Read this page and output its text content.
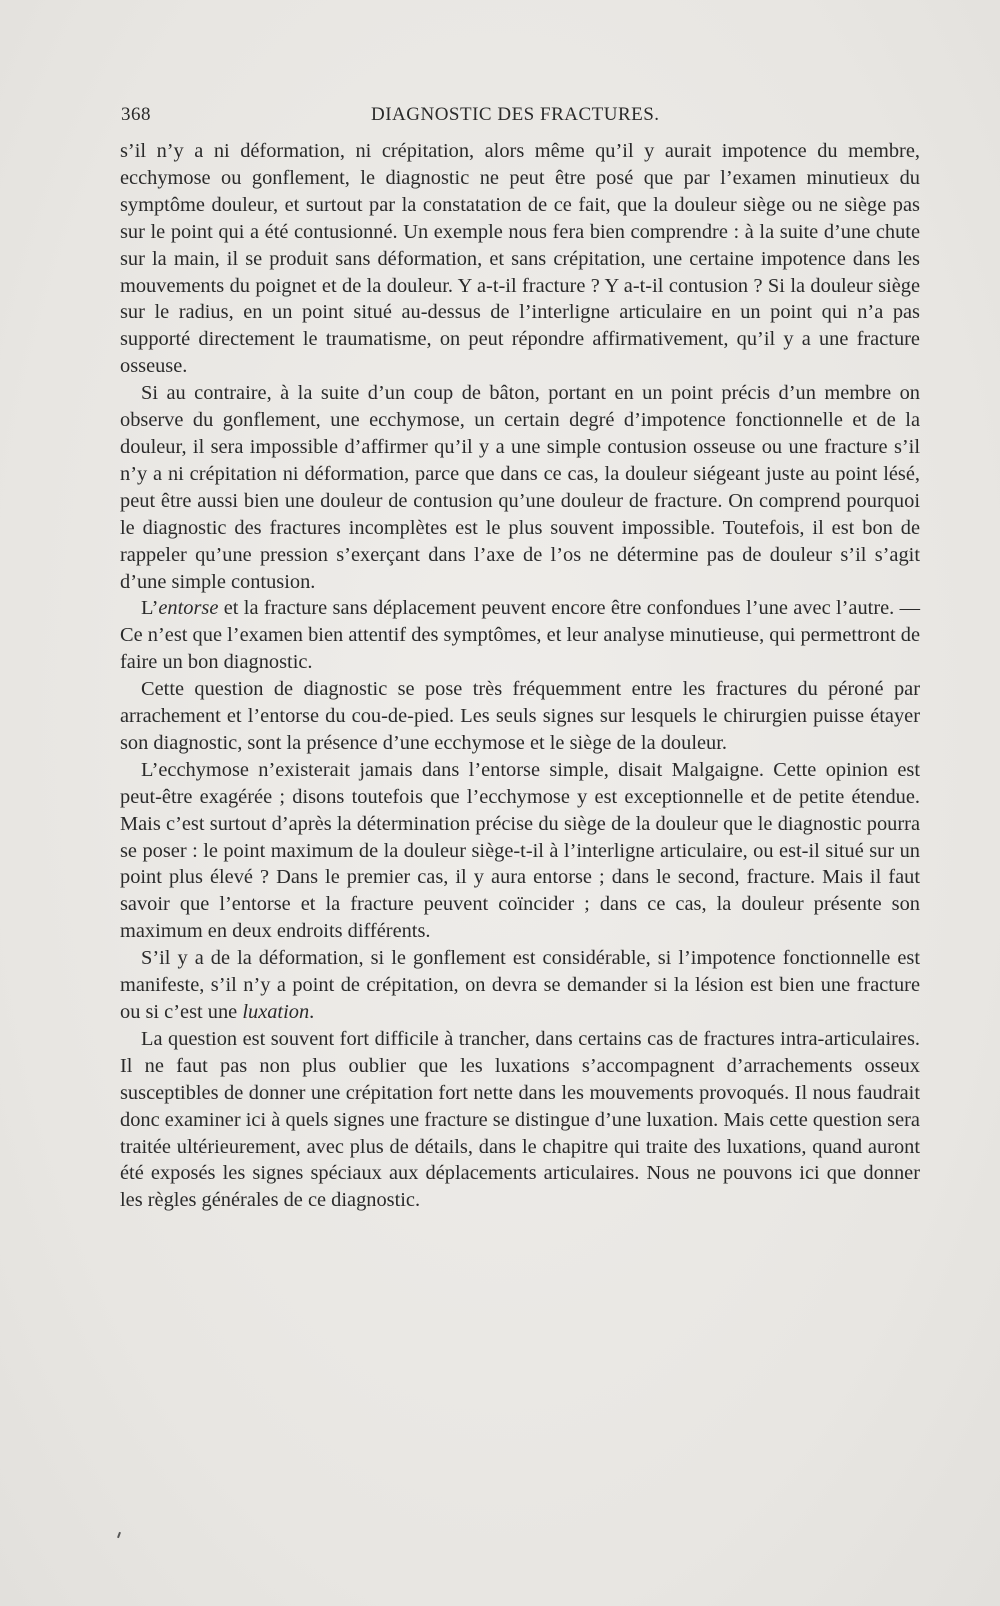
368	DIAGNOSTIC DES FRACTURES.

s’il n’y a ni déformation, ni crépitation, alors même qu’il y aurait impotence du membre, ecchymose ou gonflement, le diagnostic ne peut être posé que par l’examen minutieux du symptôme douleur, et surtout par la constatation de ce fait, que la douleur siège ou ne siège pas sur le point qui a été contusionné. Un exemple nous fera bien comprendre : à la suite d’une chute sur la main, il se produit sans déformation, et sans crépitation, une certaine impotence dans les mouvements du poignet et de la douleur. Y a-t-il fracture ? Y a-t-il contusion ? Si la douleur siège sur le radius, en un point situé au-dessus de l’interligne articulaire en un point qui n’a pas supporté directement le traumatisme, on peut répondre affirmativement, qu’il y a une fracture osseuse.

Si au contraire, à la suite d’un coup de bâton, portant en un point précis d’un membre on observe du gonflement, une ecchymose, un certain degré d’impotence fonctionnelle et de la douleur, il sera impossible d’affirmer qu’il y a une simple contusion osseuse ou une fracture s’il n’y a ni crépitation ni déformation, parce que dans ce cas, la douleur siégeant juste au point lésé, peut être aussi bien une douleur de contusion qu’une douleur de fracture. On comprend pourquoi le diagnostic des fractures incomplètes est le plus souvent impossible. Toutefois, il est bon de rappeler qu’une pression s’exerçant dans l’axe de l’os ne détermine pas de douleur s’il s’agit d’une simple contusion.

L’entorse et la fracture sans déplacement peuvent encore être confondues l’une avec l’autre. — Ce n’est que l’examen bien attentif des symptômes, et leur analyse minutieuse, qui permettront de faire un bon diagnostic.

Cette question de diagnostic se pose très fréquemment entre les fractures du péroné par arrachement et l’entorse du cou-de-pied. Les seuls signes sur lesquels le chirurgien puisse étayer son diagnostic, sont la présence d’une ecchymose et le siège de la douleur.

L’ecchymose n’existerait jamais dans l’entorse simple, disait Malgaigne. Cette opinion est peut-être exagérée ; disons toutefois que l’ecchymose y est exceptionnelle et de petite étendue. Mais c’est surtout d’après la détermination précise du siège de la douleur que le diagnostic pourra se poser : le point maximum de la douleur siège-t-il à l’interligne articulaire, ou est-il situé sur un point plus élevé ? Dans le premier cas, il y aura entorse ; dans le second, fracture. Mais il faut savoir que l’entorse et la fracture peuvent coïncider ; dans ce cas, la douleur présente son maximum en deux endroits différents.

S’il y a de la déformation, si le gonflement est considérable, si l’impotence fonctionnelle est manifeste, s’il n’y a point de crépitation, on devra se demander si la lésion est bien une fracture ou si c’est une luxation.

La question est souvent fort difficile à trancher, dans certains cas de fractures intra-articulaires. Il ne faut pas non plus oublier que les luxations s’accompagnent d’arrachements osseux susceptibles de donner une crépitation fort nette dans les mouvements provoqués. Il nous faudrait donc examiner ici à quels signes une fracture se distingue d’une luxation. Mais cette question sera traitée ultérieurement, avec plus de détails, dans le chapitre qui traite des luxations, quand auront été exposés les signes spéciaux aux déplacements articulaires. Nous ne pouvons ici que donner les règles générales de ce diagnostic.
